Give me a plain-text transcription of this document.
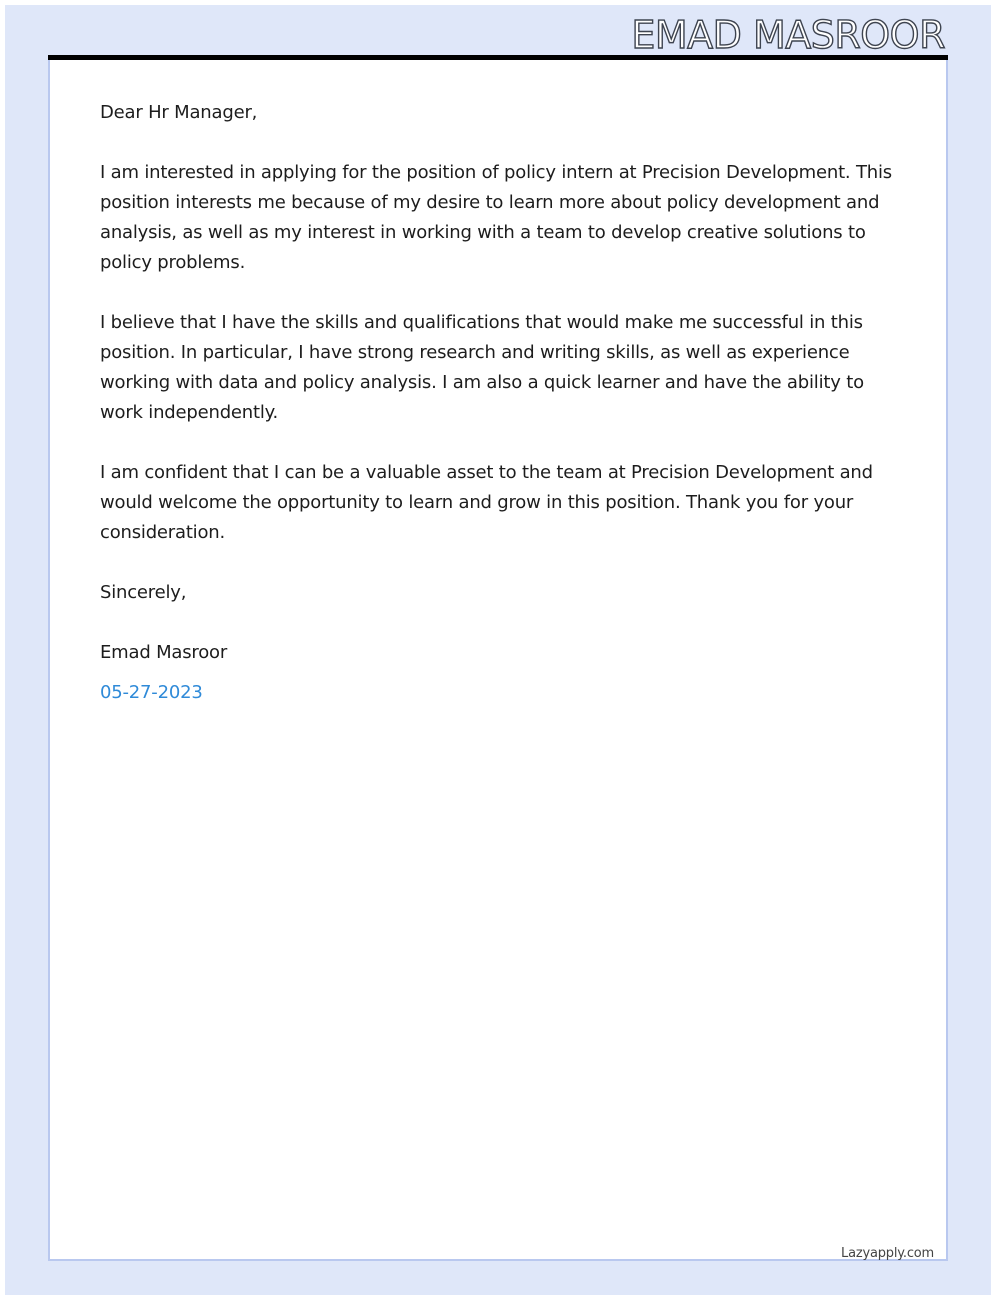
EMAD MASROOR

Dear Hr Manager,

I am interested in applying for the position of policy intern at Precision Development. This position interests me because of my desire to learn more about policy development and analysis, as well as my interest in working with a team to develop creative solutions to policy problems.

I believe that I have the skills and qualifications that would make me successful in this position. In particular, I have strong research and writing skills, as well as experience working with data and policy analysis. I am also a quick learner and have the ability to work independently.

I am confident that I can be a valuable asset to the team at Precision Development and would welcome the opportunity to learn and grow in this position. Thank you for your consideration.

Sincerely,

Emad Masroor

05-27-2023

Lazyapply.com
